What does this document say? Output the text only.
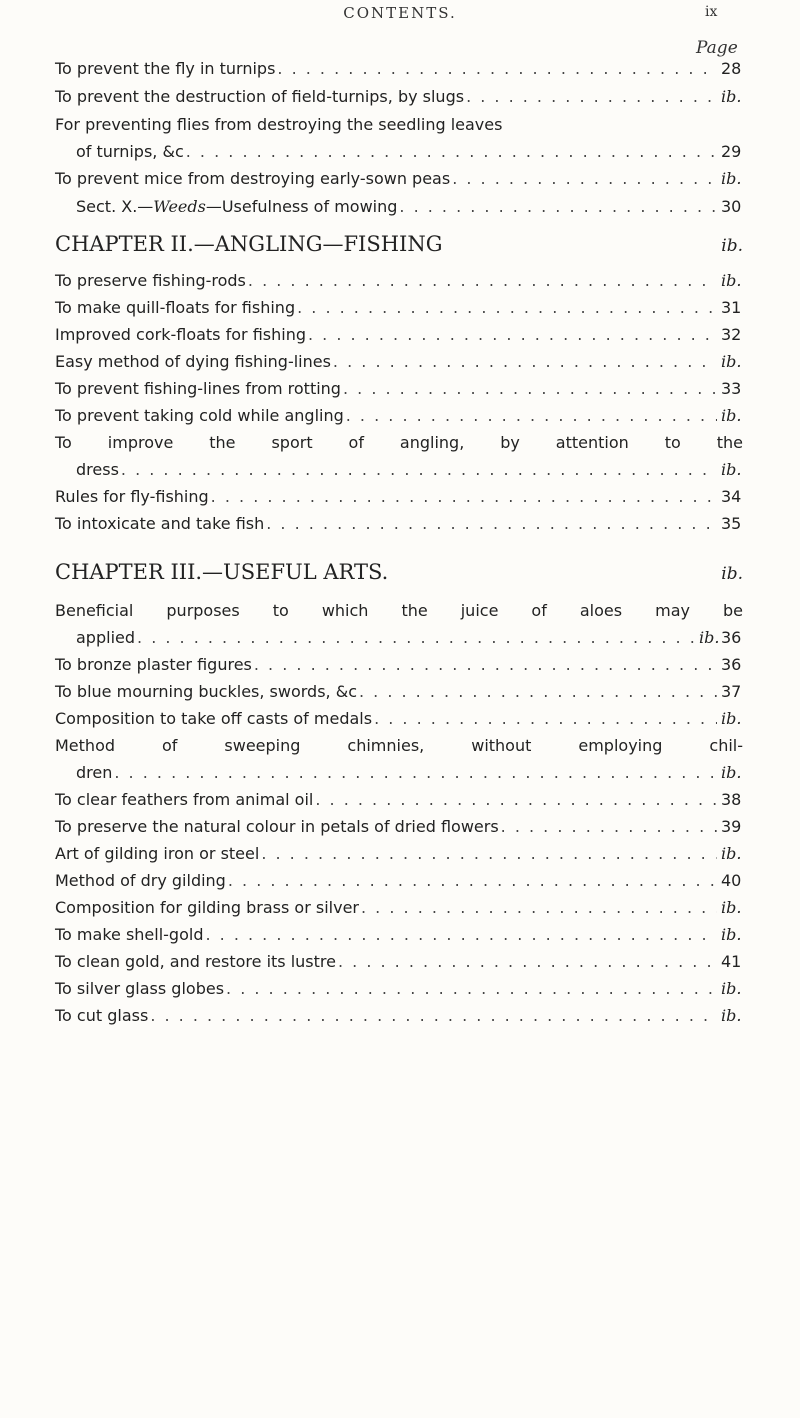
CONTENTS.	ix
Page
To prevent the fly in turnips . . .	28
To prevent the destruction of field-turnips, by slugs . . .	ib.
For preventing flies from destroying the seedling leaves
of turnips, &c . . .	29
To prevent mice from destroying early-sown peas . . .	ib.
Sect. X.—Weeds—Usefulness of mowing . . .	30
CHAPTER II.—ANGLING—FISHING	ib.
To preserve fishing-rods . . .	ib.
To make quill-floats for fishing . . .	31
Improved cork-floats for fishing . . .	32
Easy method of dying fishing-lines . . .	ib.
To prevent fishing-lines from rotting . . .	33
To prevent taking cold while angling . . .	ib.
To improve the sport of angling, by attention to the
dress . . .	ib.
Rules for fly-fishing . . .	34
To intoxicate and take fish . . .	35
CHAPTER III.—USEFUL ARTS.	ib.
Beneficial purposes to which the juice of aloes may be
applied . . .	ib. 36
To bronze plaster figures . . .	36
To blue mourning buckles, swords, &c . . .	37
Composition to take off casts of medals . . .	ib.
Method of sweeping chimnies, without employing chil-
dren . . .	ib.
To clear feathers from animal oil . . .	38
To preserve the natural colour in petals of dried flowers . . .	39
Art of gilding iron or steel . . .	ib.
Method of dry gilding . . .	40
Composition for gilding brass or silver . . .	ib.
To make shell-gold . . .	ib.
To clean gold, and restore its lustre . . .	41
To silver glass globes . . .	ib.
To cut glass . . .	ib.
